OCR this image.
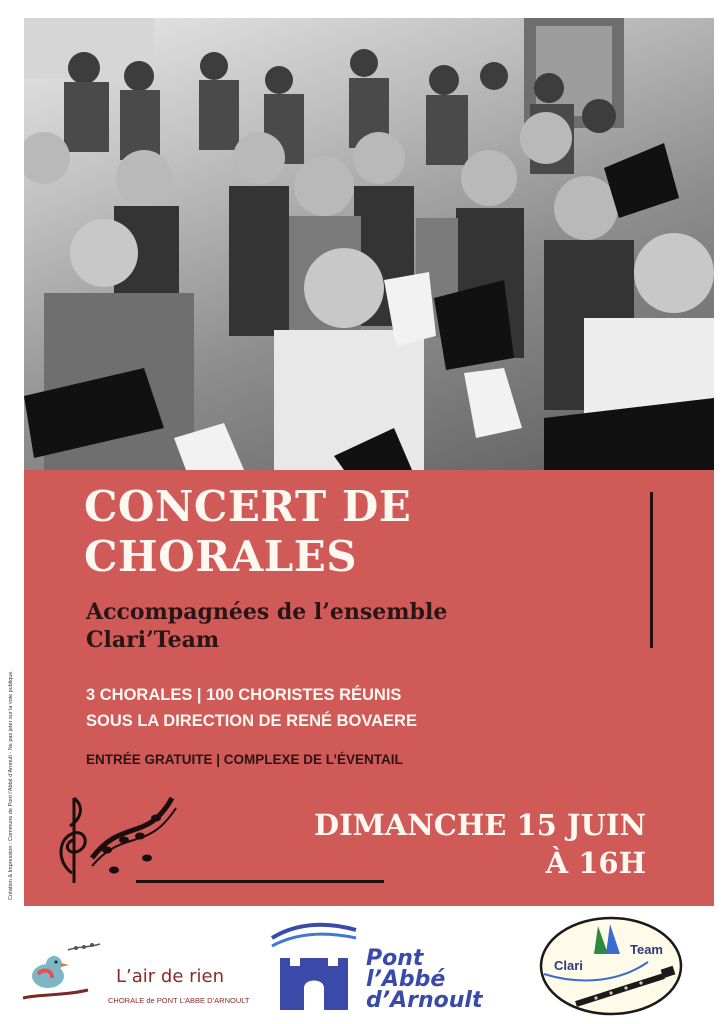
CONCERT DE
CHORALES
Accompagnées de l’ensemble
Clari’Team

3 CHORALES | 100 CHORISTES RÉUNIS
SOUS LA DIRECTION DE RENÉ BOVAERE

ENTRÉE GRATUITE | COMPLEXE DE L’ÉVENTAIL

DIMANCHE 15 JUIN
À 16H

Création & Impression : Commune de Pont l’Abbé d’Arnoult - Ne pas jeter sur la voie publique.
L’air de rien
CHORALE de PONT L’ABBE D’ARNOULT
Pont
l’Abbé
d’Arnoult
Clari
Team
